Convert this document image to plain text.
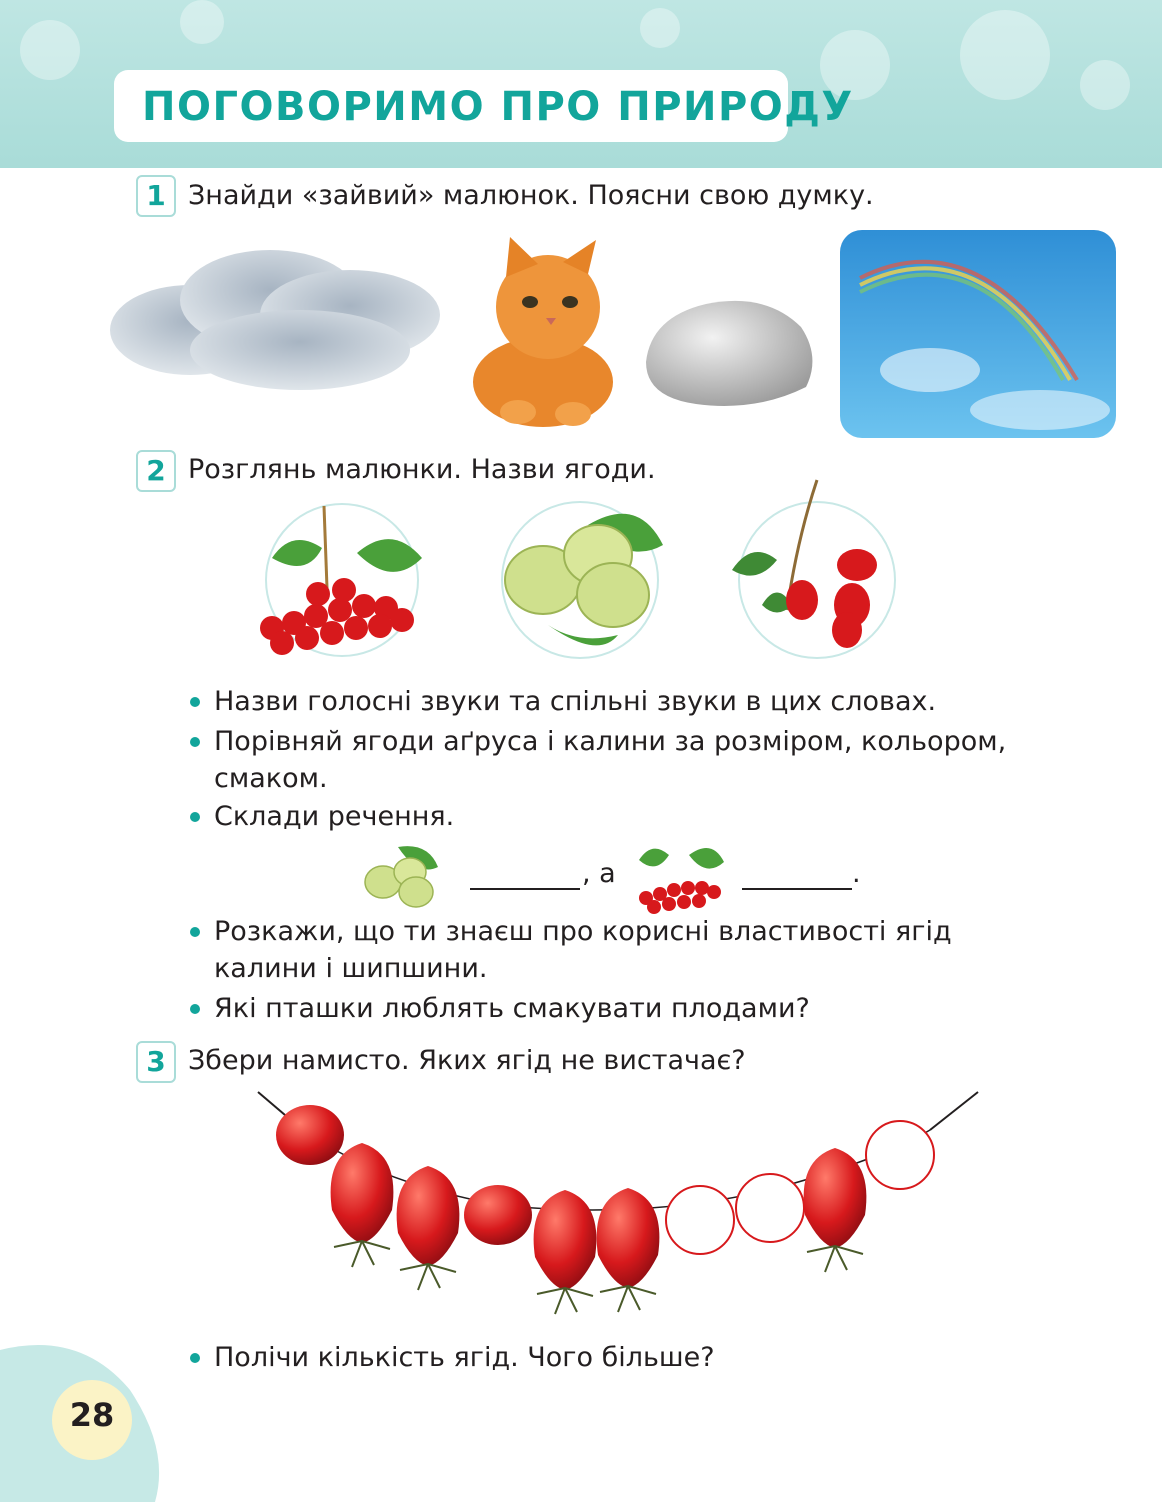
ПОГОВОРИМО ПРО ПРИРОДУ
1 Знайди «зайвий» малюнок. Поясни свою думку.
2 Розглянь малюнки. Назви ягоди.
Назви голосні звуки та спільні звуки в цих словах.
Порівняй ягоди аґруса і калини за розміром, кольором,
смаком.
Склади речення.
, а	.
Розкажи, що ти знаєш про корисні властивості ягід
калини і шипшини.
Які пташки люблять смакувати плодами?
3 Збери намисто. Яких ягід не вистачає?
Полічи кількість ягід. Чого більше?
28
